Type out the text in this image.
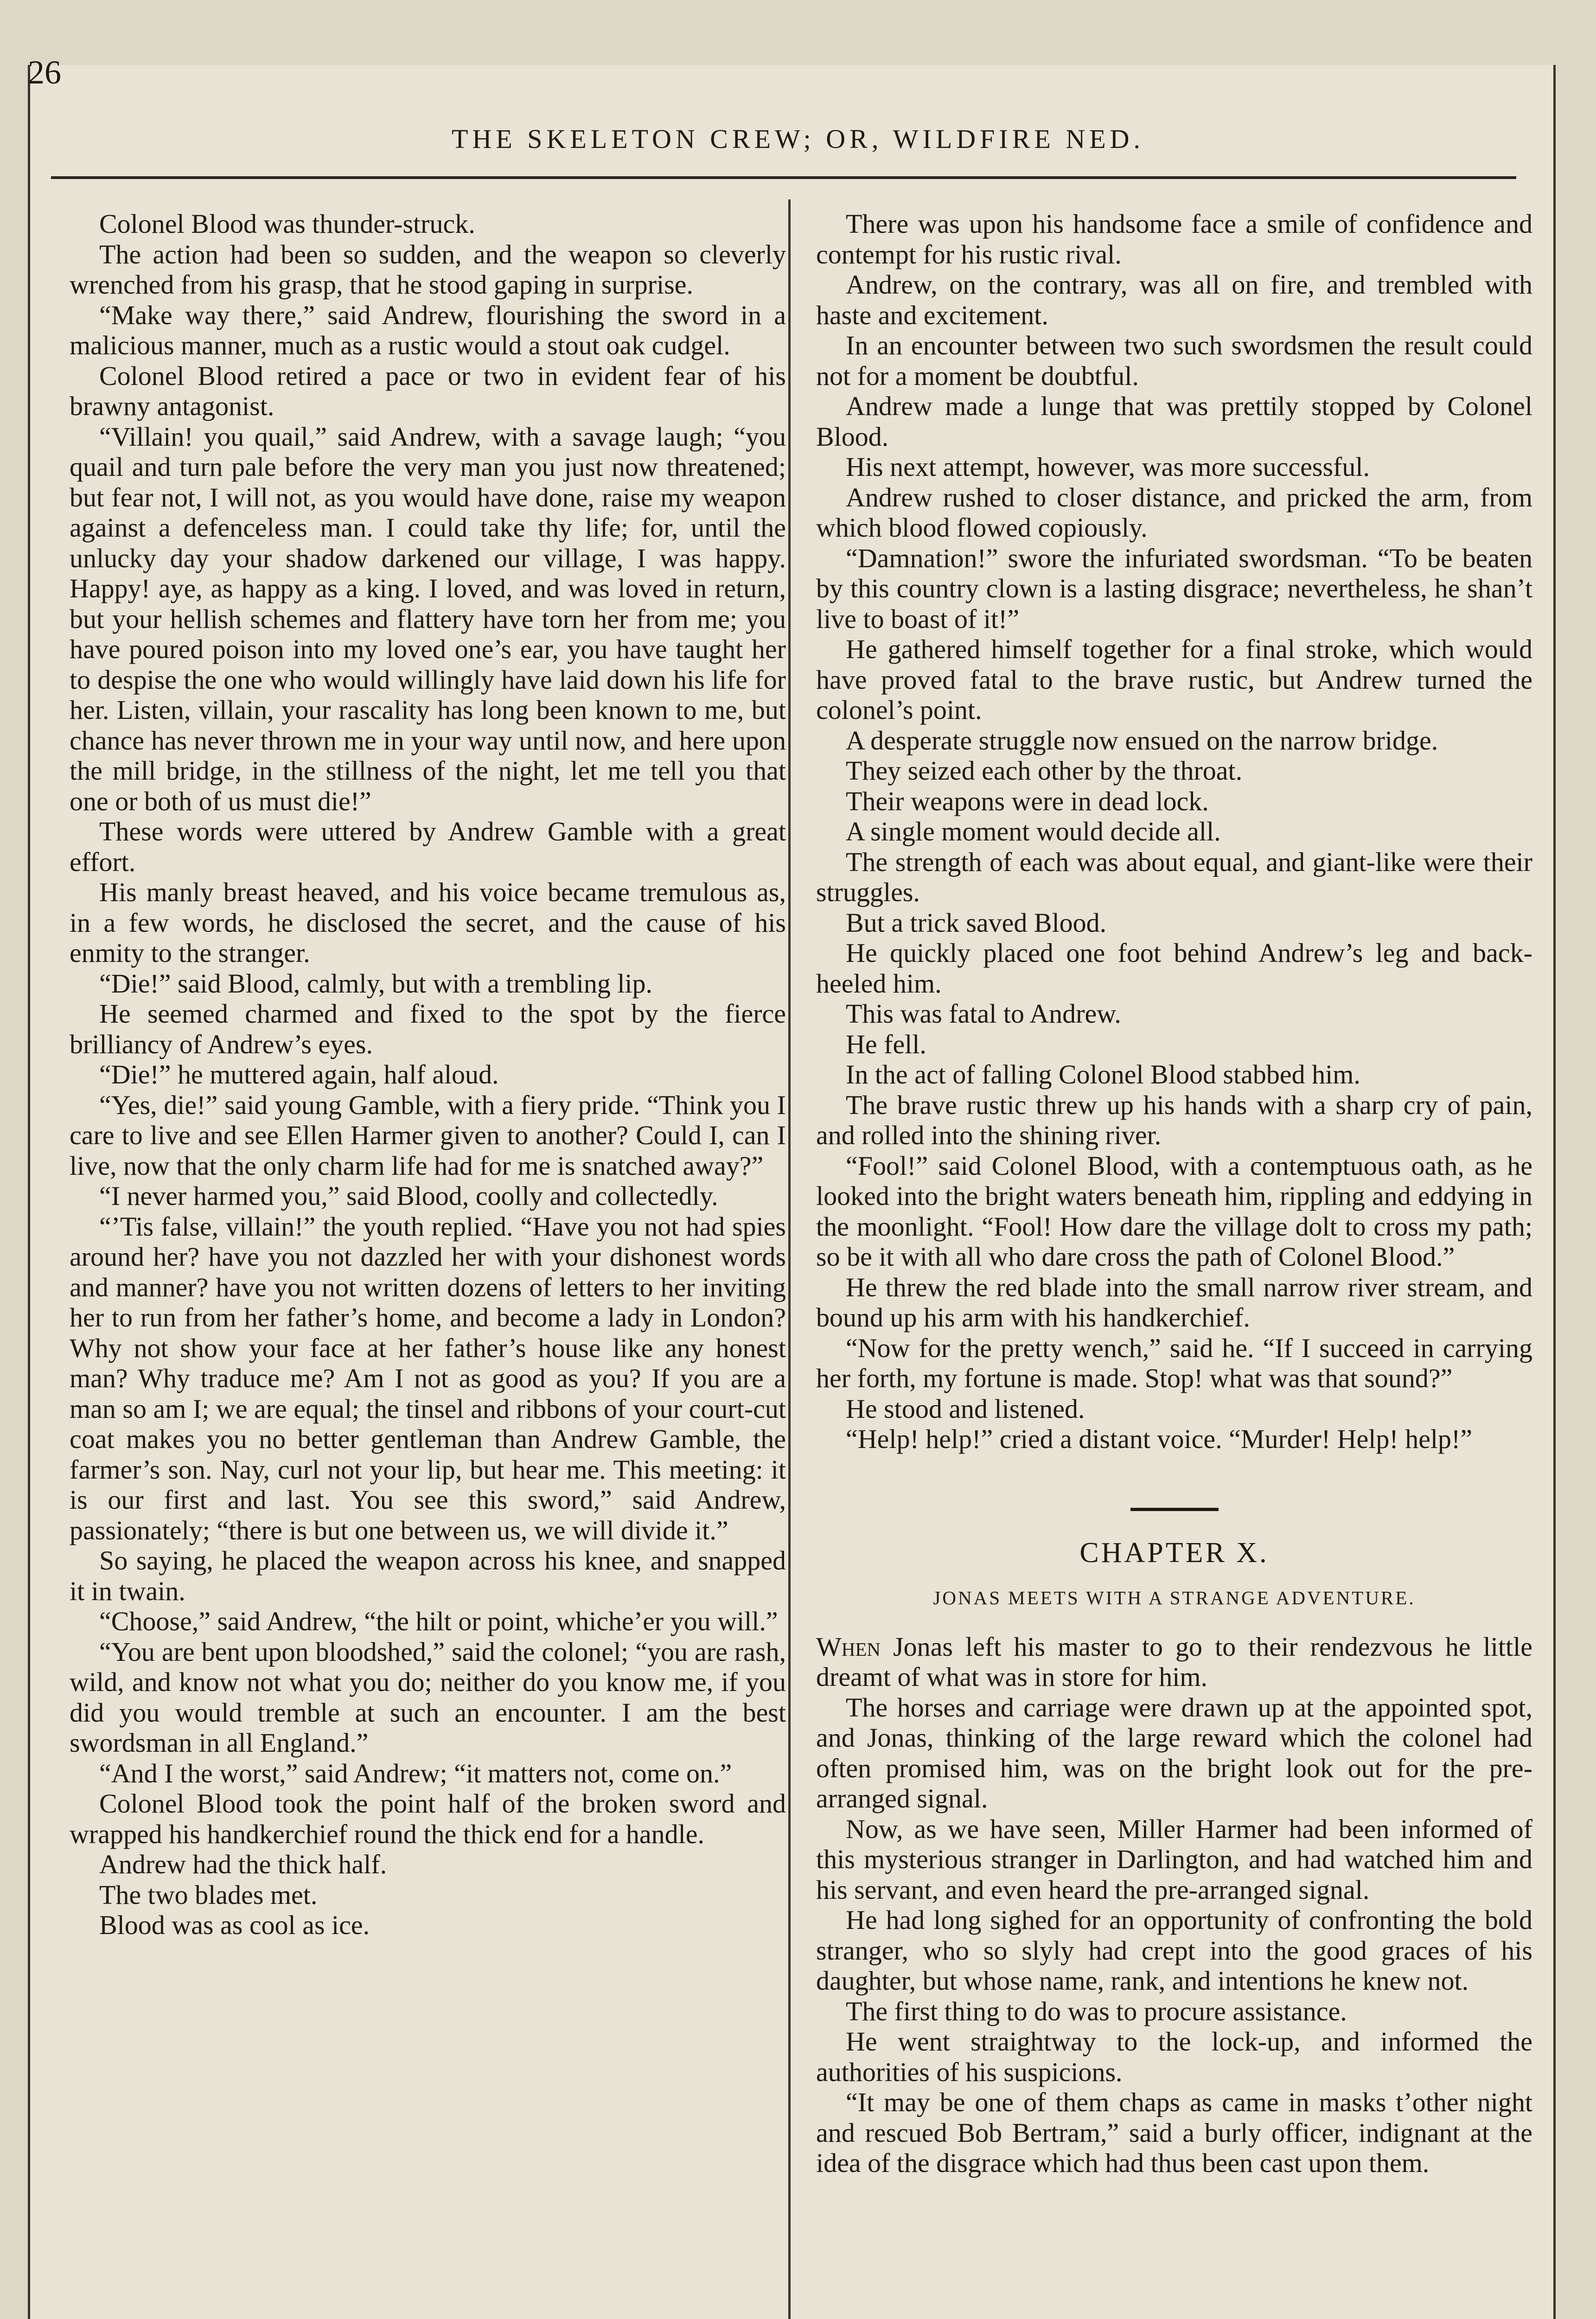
26
THE SKELETON CREW; OR, WILDFIRE NED.

Colonel Blood was thunder-struck.

The action had been so sudden, and the weapon so cleverly wrenched from his grasp, that he stood gaping in surprise.

“Make way there,” said Andrew, flourishing the sword in a malicious manner, much as a rustic would a stout oak cudgel.

Colonel Blood retired a pace or two in evident fear of his brawny antagonist.

“Villain! you quail,” said Andrew, with a savage laugh; “you quail and turn pale before the very man you just now threatened; but fear not, I will not, as you would have done, raise my weapon against a defenceless man. I could take thy life; for, until the unlucky day your shadow darkened our village, I was happy. Happy! aye, as happy as a king. I loved, and was loved in return, but your hellish schemes and flattery have torn her from me; you have poured poison into my loved one’s ear, you have taught her to despise the one who would willingly have laid down his life for her. Listen, villain, your rascality has long been known to me, but chance has never thrown me in your way until now, and here upon the mill bridge, in the stillness of the night, let me tell you that one or both of us must die!”

These words were uttered by Andrew Gamble with a great effort.

His manly breast heaved, and his voice became tremulous as, in a few words, he disclosed the secret, and the cause of his enmity to the stranger.

“Die!” said Blood, calmly, but with a trembling lip.

He seemed charmed and fixed to the spot by the fierce brilliancy of Andrew’s eyes.

“Die!” he muttered again, half aloud.

“Yes, die!” said young Gamble, with a fiery pride. “Think you I care to live and see Ellen Harmer given to another? Could I, can I live, now that the only charm life had for me is snatched away?”

“I never harmed you,” said Blood, coolly and collectedly.

“’Tis false, villain!” the youth replied. “Have you not had spies around her? have you not dazzled her with your dishonest words and manner? have you not written dozens of letters to her inviting her to run from her father’s home, and become a lady in London? Why not show your face at her father’s house like any honest man? Why traduce me? Am I not as good as you? If you are a man so am I; we are equal; the tinsel and ribbons of your court-cut coat makes you no better gentleman than Andrew Gamble, the farmer’s son. Nay, curl not your lip, but hear me. This meeting: it is our first and last. You see this sword,” said Andrew, passionately; “there is but one between us, we will divide it.”

So saying, he placed the weapon across his knee, and snapped it in twain.

“Choose,” said Andrew, “the hilt or point, whiche’er you will.”

“You are bent upon bloodshed,” said the colonel; “you are rash, wild, and know not what you do; neither do you know me, if you did you would tremble at such an encounter. I am the best swordsman in all England.”

“And I the worst,” said Andrew; “it matters not, come on.”

Colonel Blood took the point half of the broken sword and wrapped his handkerchief round the thick end for a handle.

Andrew had the thick half.

The two blades met.

Blood was as cool as ice.

There was upon his handsome face a smile of confidence and contempt for his rustic rival.

Andrew, on the contrary, was all on fire, and trembled with haste and excitement.

In an encounter between two such swordsmen the result could not for a moment be doubtful.

Andrew made a lunge that was prettily stopped by Colonel Blood.

His next attempt, however, was more successful.

Andrew rushed to closer distance, and pricked the arm, from which blood flowed copiously.

“Damnation!” swore the infuriated swordsman. “To be beaten by this country clown is a lasting disgrace; nevertheless, he shan’t live to boast of it!”

He gathered himself together for a final stroke, which would have proved fatal to the brave rustic, but Andrew turned the colonel’s point.

A desperate struggle now ensued on the narrow bridge.

They seized each other by the throat.

Their weapons were in dead lock.

A single moment would decide all.

The strength of each was about equal, and giant-like were their struggles.

But a trick saved Blood.

He quickly placed one foot behind Andrew’s leg and back-heeled him.

This was fatal to Andrew.

He fell.

In the act of falling Colonel Blood stabbed him.

The brave rustic threw up his hands with a sharp cry of pain, and rolled into the shining river.

“Fool!” said Colonel Blood, with a contemptuous oath, as he looked into the bright waters beneath him, rippling and eddying in the moonlight. “Fool! How dare the village dolt to cross my path; so be it with all who dare cross the path of Colonel Blood.”

He threw the red blade into the small narrow river stream, and bound up his arm with his handkerchief.

“Now for the pretty wench,” said he. “If I succeed in carrying her forth, my fortune is made. Stop! what was that sound?”

He stood and listened.

“Help! help!” cried a distant voice. “Murder! Help! help!”

CHAPTER X.
JONAS MEETS WITH A STRANGE ADVENTURE.

When Jonas left his master to go to their rendezvous he little dreamt of what was in store for him.

The horses and carriage were drawn up at the appointed spot, and Jonas, thinking of the large reward which the colonel had often promised him, was on the bright look out for the pre-arranged signal.

Now, as we have seen, Miller Harmer had been informed of this mysterious stranger in Darlington, and had watched him and his servant, and even heard the pre-arranged signal.

He had long sighed for an opportunity of confronting the bold stranger, who so slyly had crept into the good graces of his daughter, but whose name, rank, and intentions he knew not.

The first thing to do was to procure assistance.

He went straightway to the lock-up, and informed the authorities of his suspicions.

“It may be one of them chaps as came in masks t’other night and rescued Bob Bertram,” said a burly officer, indignant at the idea of the disgrace which had thus been cast upon them.
